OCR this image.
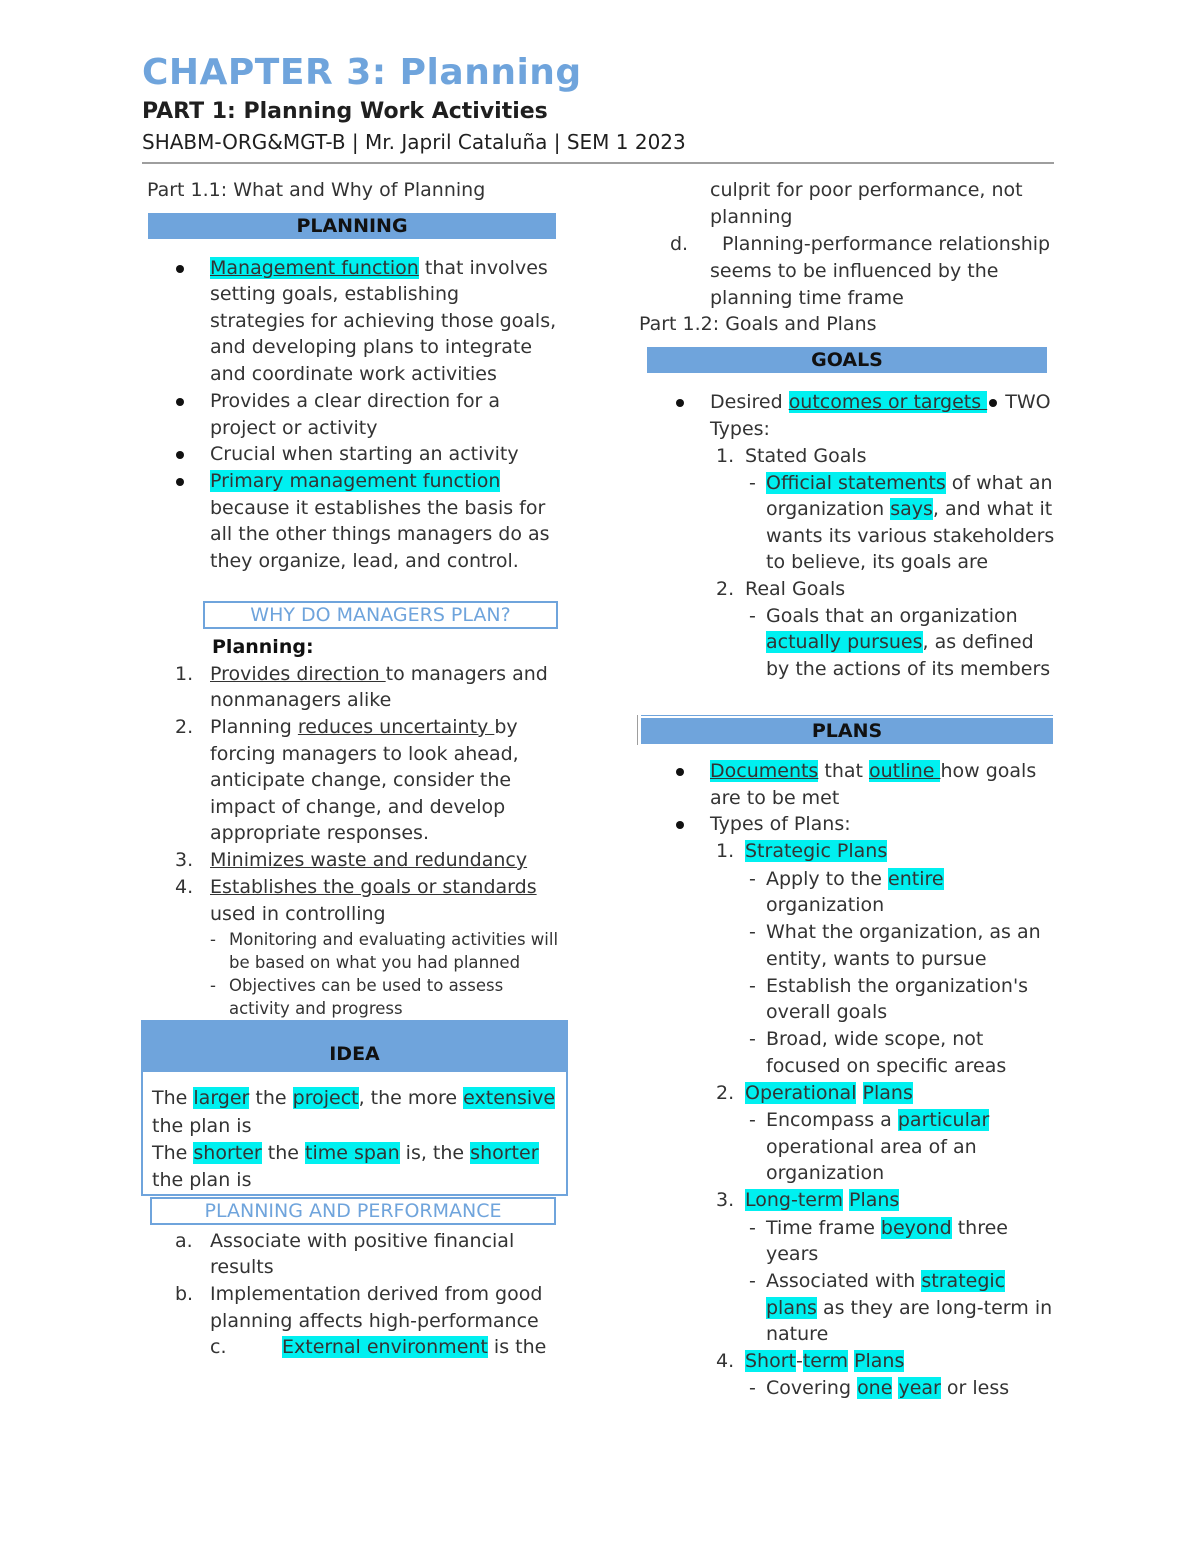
CHAPTER 3: Planning
PART 1: Planning Work Activities
SHABM-ORG&MGT-B | Mr. Japril Cataluña | SEM 1 2023
Part 1.1: What and Why of Planning
PLANNING
Management function that involves
setting goals, establishing
strategies for achieving those goals,
and developing plans to integrate
and coordinate work activities
Provides a clear direction for a
project or activity
Crucial when starting an activity
Primary management function
because it establishes the basis for
all the other things managers do as
they organize, lead, and control.
WHY DO MANAGERS PLAN?
Planning:
1. Provides direction to managers and
nonmanagers alike
2. Planning reduces uncertainty by
forcing managers to look ahead,
anticipate change, consider the
impact of change, and develop
appropriate responses.
3. Minimizes waste and redundancy
4. Establishes the goals or standards
used in controlling
- Monitoring and evaluating activities will
be based on what you had planned
- Objectives can be used to assess
activity and progress
IDEA
The larger the project, the more extensive
the plan is
The shorter the time span is, the shorter
the plan is
PLANNING AND PERFORMANCE
a. Associate with positive financial
results
b. Implementation derived from good
planning affects high-performance
c.	External environment is the
culprit for poor performance, not
planning
d. Planning-performance relationship
seems to be influenced by the
planning time frame
Part 1.2: Goals and Plans
GOALS
Desired outcomes or targets  TWO
Types:
1. Stated Goals
- Official statements of what an
organization says, and what it
wants its various stakeholders
to believe, its goals are
2. Real Goals
- Goals that an organization
actually pursues, as defined
by the actions of its members
PLANS
Documents that outline how goals
are to be met
Types of Plans:
1. Strategic Plans
- Apply to the entire
organization
- What the organization, as an
entity, wants to pursue
- Establish the organization's
overall goals
- Broad, wide scope, not
focused on specific areas
2. Operational Plans
- Encompass a particular
operational area of an
organization
3. Long-term Plans
- Time frame beyond three
years
- Associated with strategic
plans as they are long-term in
nature
4. Short-term Plans
- Covering one year or less
